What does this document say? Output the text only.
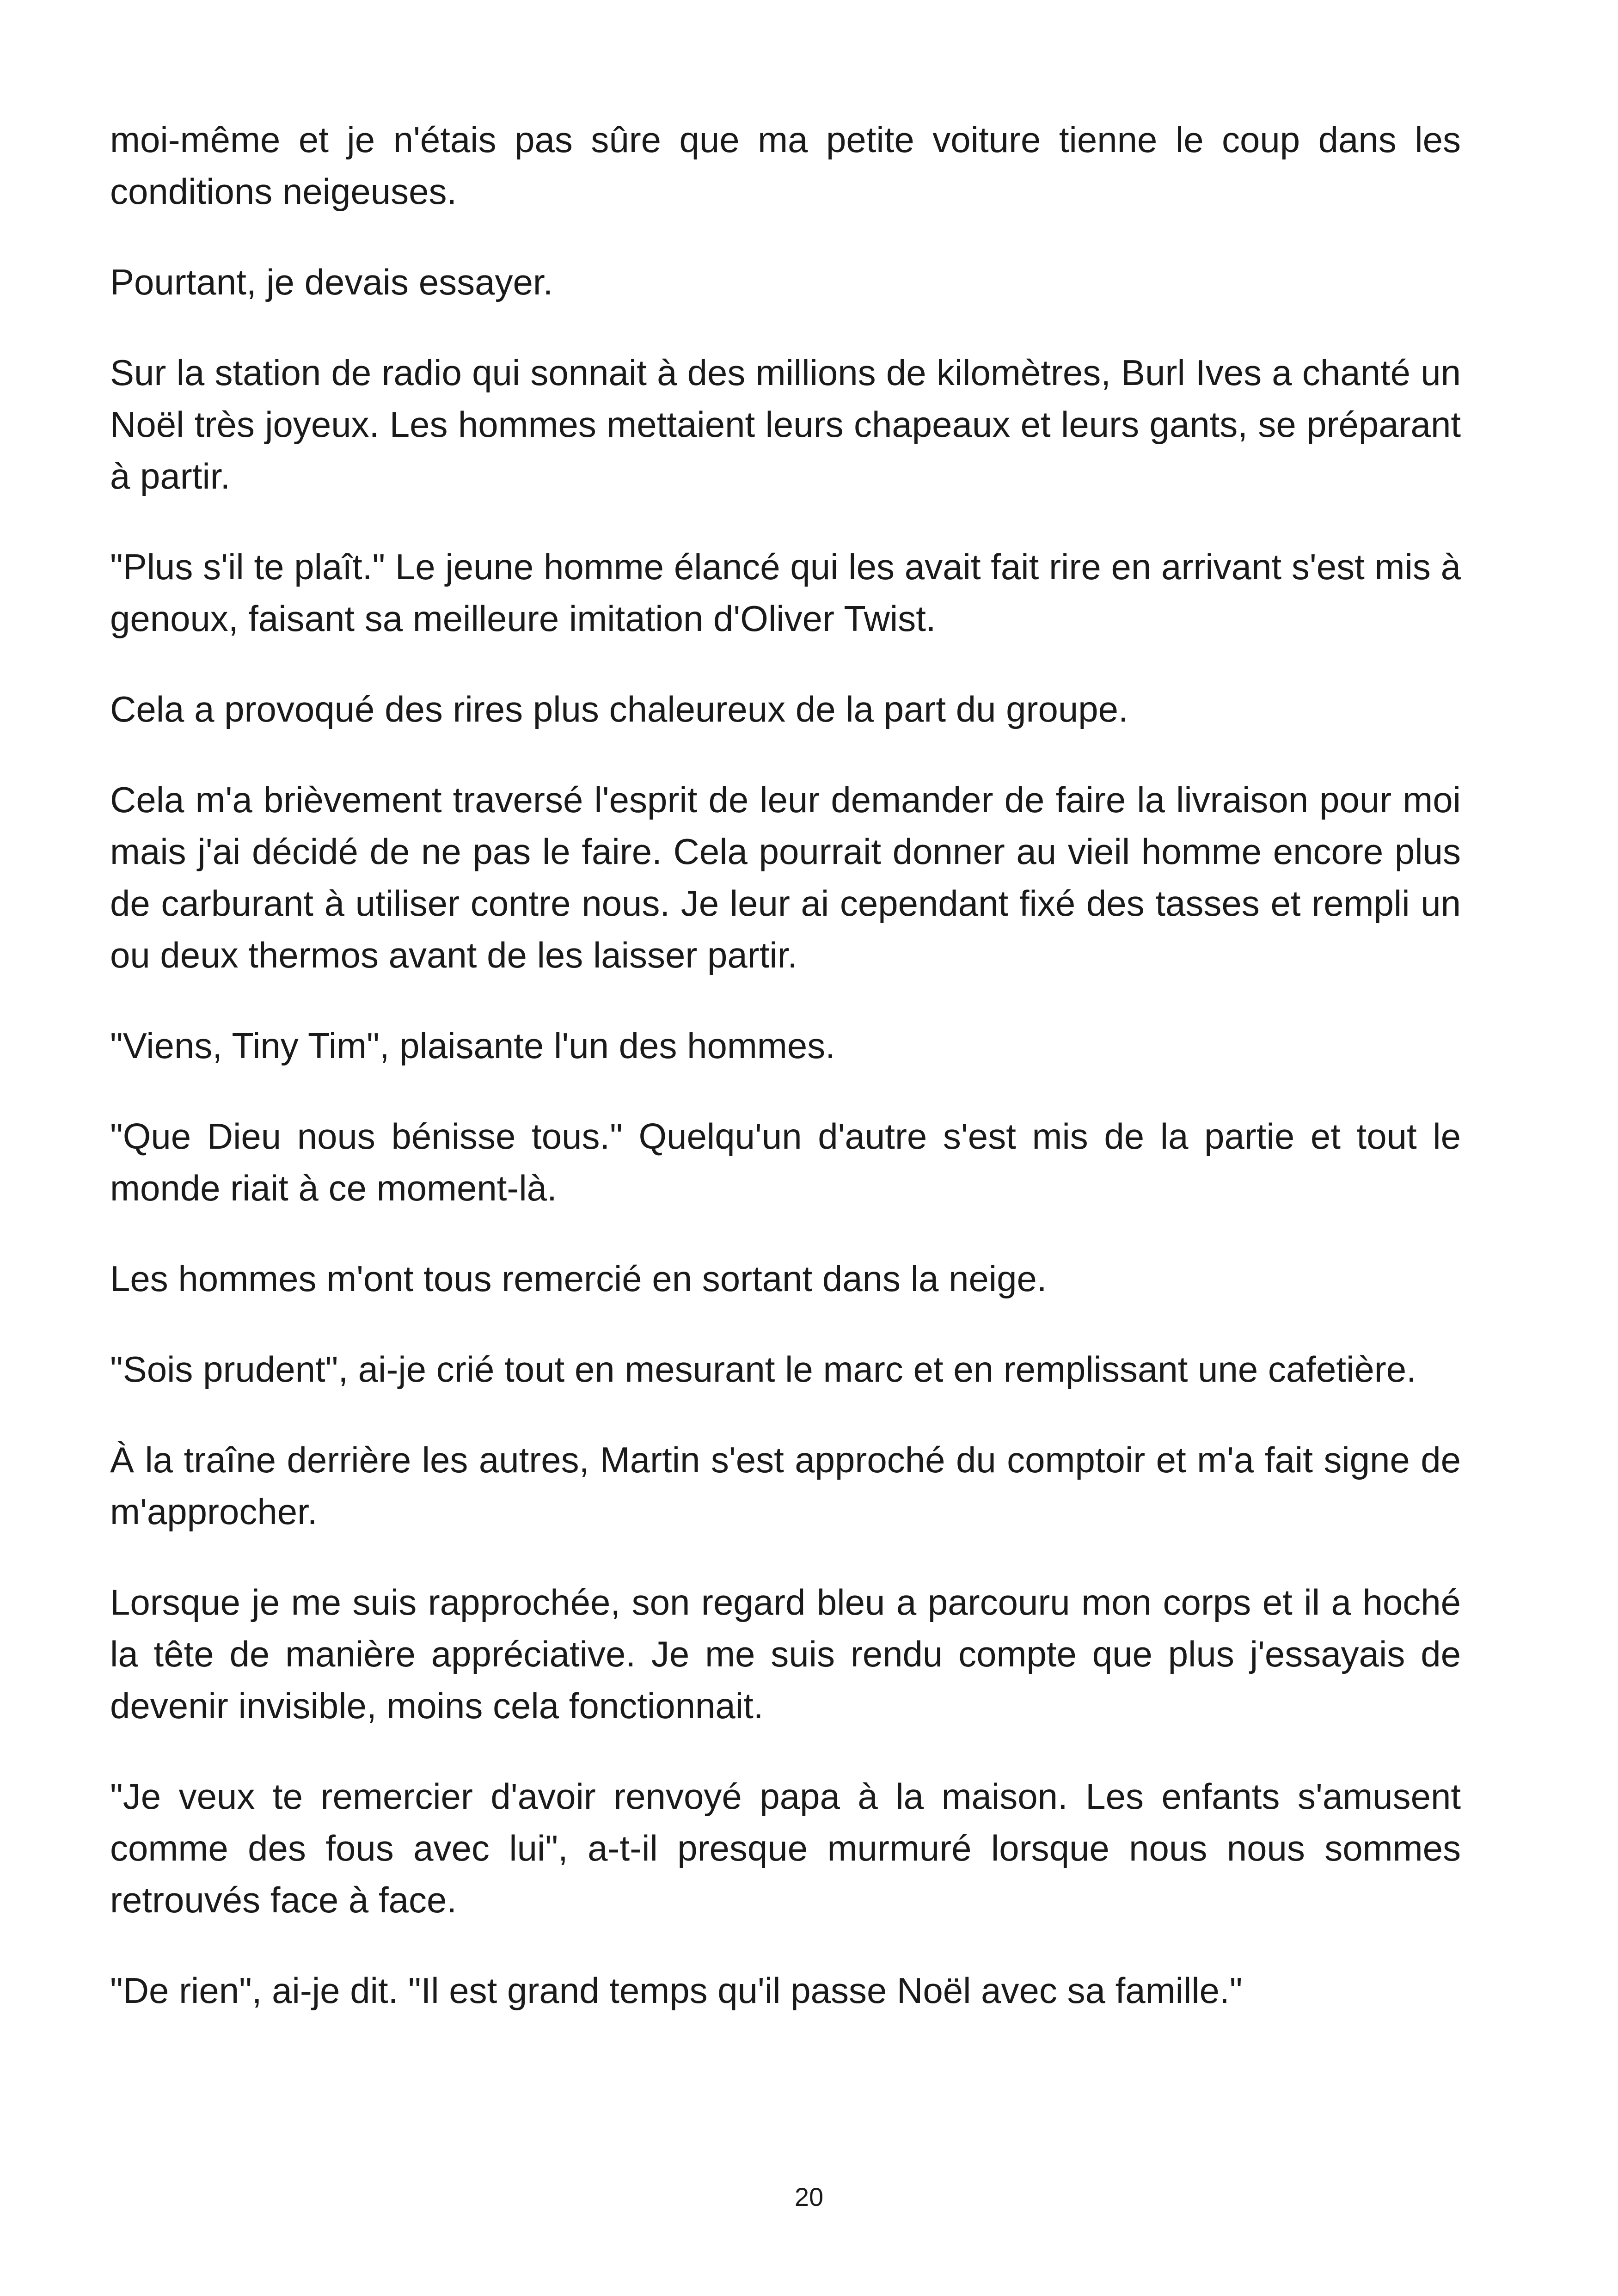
moi-même et je n'étais pas sûre que ma petite voiture tienne le coup dans les conditions neigeuses.

Pourtant, je devais essayer.

Sur la station de radio qui sonnait à des millions de kilomètres, Burl Ives a chanté un Noël très joyeux. Les hommes mettaient leurs chapeaux et leurs gants, se préparant à partir.

"Plus s'il te plaît." Le jeune homme élancé qui les avait fait rire en arrivant s'est mis à genoux, faisant sa meilleure imitation d'Oliver Twist.

Cela a provoqué des rires plus chaleureux de la part du groupe.

Cela m'a brièvement traversé l'esprit de leur demander de faire la livraison pour moi mais j'ai décidé de ne pas le faire. Cela pourrait donner au vieil homme encore plus de carburant à utiliser contre nous. Je leur ai cependant fixé des tasses et rempli un ou deux thermos avant de les laisser partir.

"Viens, Tiny Tim", plaisante l'un des hommes.

"Que Dieu nous bénisse tous." Quelqu'un d'autre s'est mis de la partie et tout le monde riait à ce moment-là.

Les hommes m'ont tous remercié en sortant dans la neige.

"Sois prudent", ai-je crié tout en mesurant le marc et en remplissant une cafetière.

À la traîne derrière les autres, Martin s'est approché du comptoir et m'a fait signe de m'approcher.

Lorsque je me suis rapprochée, son regard bleu a parcouru mon corps et il a hoché la tête de manière appréciative. Je me suis rendu compte que plus j'essayais de devenir invisible, moins cela fonctionnait.

"Je veux te remercier d'avoir renvoyé papa à la maison. Les enfants s'amusent comme des fous avec lui", a-t-il presque murmuré lorsque nous nous sommes retrouvés face à face.

"De rien", ai-je dit. "Il est grand temps qu'il passe Noël avec sa famille."

20
